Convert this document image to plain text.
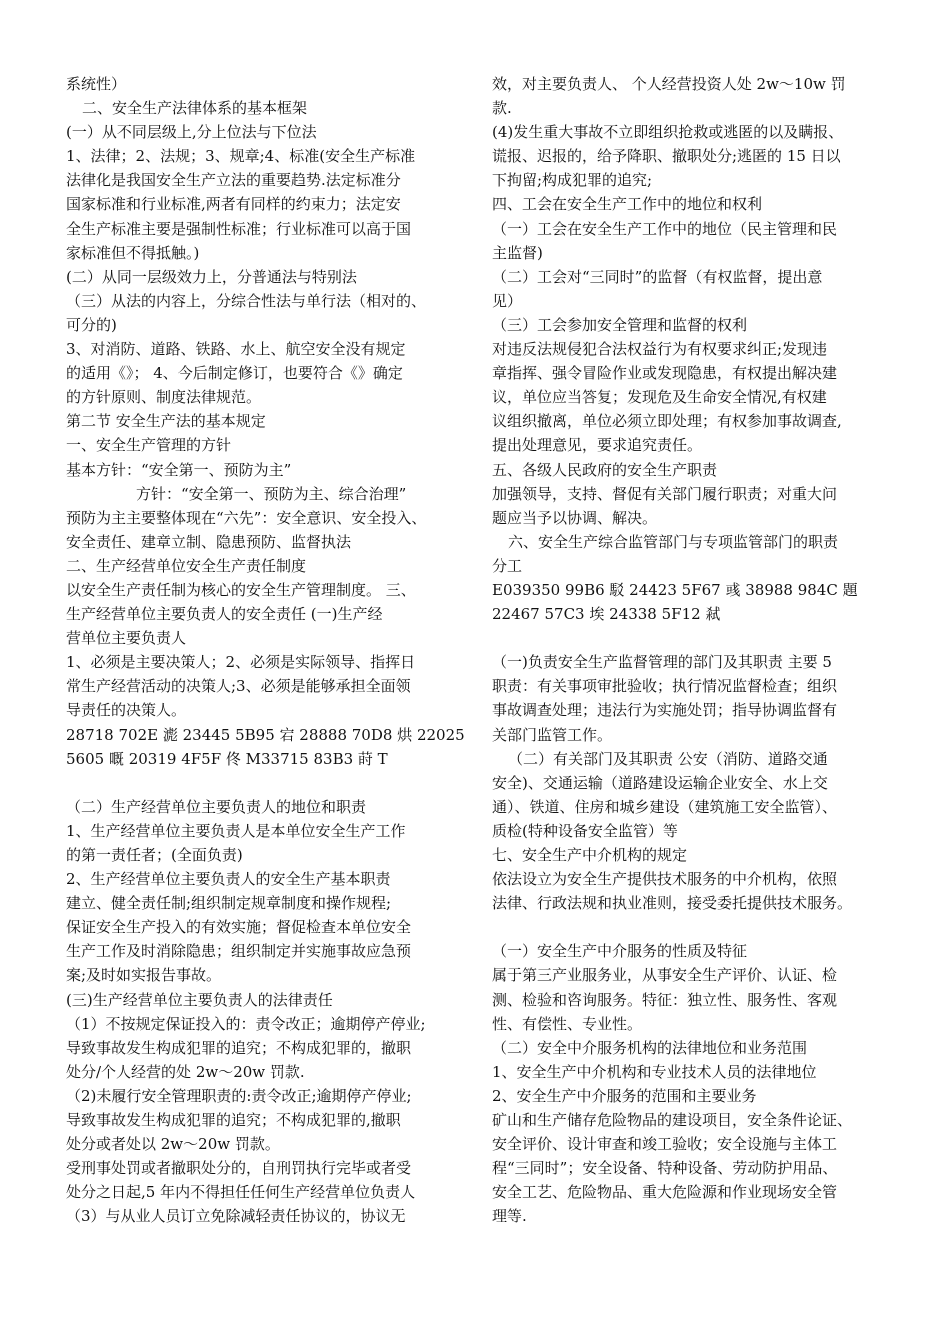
系统性）
二、安全生产法律体系的基本框架
(一）从不同层级上,分上位法与下位法
1、法律；2、法规；3、规章;4、标准(安全生产标准
法律化是我国安全生产立法的重要趋势.法定标准分
国家标准和行业标准,两者有同样的约束力；法定安
全生产标准主要是强制性标准；行业标准可以高于国
家标准但不得抵触。)
(二）从同一层级效力上，分普通法与特别法
（三）从法的内容上，分综合性法与单行法（相对的、
可分的)
3、对消防、道路、铁路、水上、航空安全没有规定
的适用《》； 4、今后制定修订，也要符合《》确定
的方针原则、制度法律规范。
第二节 安全生产法的基本规定
一、安全生产管理的方针
基本方针：“安全第一、预防为主”
方针：“安全第一、预防为主、综合治理”
预防为主主要整体现在“六先”：安全意识、安全投入、
安全责任、建章立制、隐患预防、监督执法
二、生产经营单位安全生产责任制度
以安全生产责任制为核心的安全生产管理制度。 三、
生产经营单位主要负责人的安全责任 (一)生产经
营单位主要负责人
1、必须是主要决策人；2、必须是实际领导、指挥日
常生产经营活动的决策人;3、必须是能够承担全面领
导责任的决策人。
28718 702E 滮 23445 5B95 宕 28888 70D8 烘 22025
5605 嘅 20319 4F5F 佟 M33715 83B3 莳 T
（二）生产经营单位主要负责人的地位和职责
1、生产经营单位主要负责人是本单位安全生产工作
的第一责任者；(全面负责)
2、生产经营单位主要负责人的安全生产基本职责
建立、健全责任制;组织制定规章制度和操作规程;
保证安全生产投入的有效实施；督促检查本单位安全
生产工作及时消除隐患；组织制定并实施事故应急预
案;及时如实报告事故。
(三)生产经营单位主要负责人的法律责任
（1）不按规定保证投入的：责令改正；逾期停产停业;
导致事故发生构成犯罪的追究；不构成犯罪的，撤职
处分/个人经营的处 2w～20w 罚款.
（2)未履行安全管理职责的:责令改正;逾期停产停业;
导致事故发生构成犯罪的追究；不构成犯罪的,撤职
处分或者处以 2w～20w 罚款。
受刑事处罚或者撤职处分的，自刑罚执行完毕或者受
处分之日起,5 年内不得担任任何生产经营单位负责人
（3）与从业人员订立免除减轻责任协议的，协议无
效，对主要负责人、 个人经营投资人处 2w～10w 罚
款.
(4)发生重大事故不立即组织抢救或逃匿的以及瞒报、
谎报、迟报的，给予降职、撤职处分;逃匿的 15 日以
下拘留;构成犯罪的追究;
四、工会在安全生产工作中的地位和权利
（一）工会在安全生产工作中的地位（民主管理和民
主监督)
（二）工会对“三同时”的监督（有权监督，提出意
见）
（三）工会参加安全管理和监督的权利
对违反法规侵犯合法权益行为有权要求纠正;发现违
章指挥、强令冒险作业或发现隐患，有权提出解决建
议，单位应当答复；发现危及生命安全情况,有权建
议组织撤离，单位必须立即处理；有权参加事故调查,
提出处理意见，要求追究责任。
五、各级人民政府的安全生产职责
加强领导，支持、督促有关部门履行职责；对重大问
题应当予以协调、解决。
六、安全生产综合监管部门与专项监管部门的职责
分工
E039350 99B6 駁 24423 5F67 彧 38988 984C 題
22467 57C3 埃 24338 5F12 弒
（一)负责安全生产监督管理的部门及其职责 主要 5
职责：有关事项审批验收；执行情况监督检查；组织
事故调查处理；违法行为实施处罚；指导协调监督有
关部门监管工作。
（二）有关部门及其职责 公安（消防、道路交通
安全)、交通运输（道路建设运输企业安全、水上交
通）、铁道、住房和城乡建设（建筑施工安全监管）、
质检(特种设备安全监管）等
七、安全生产中介机构的规定
依法设立为安全生产提供技术服务的中介机构，依照
法律、行政法规和执业准则，接受委托提供技术服务。
（一）安全生产中介服务的性质及特征
属于第三产业服务业，从事安全生产评价、认证、检
测、检验和咨询服务。特征：独立性、服务性、客观
性、有偿性、专业性。
（二）安全中介服务机构的法律地位和业务范围
1、安全生产中介机构和专业技术人员的法律地位
2、安全生产中介服务的范围和主要业务
矿山和生产储存危险物品的建设项目，安全条件论证、
安全评价、设计审查和竣工验收；安全设施与主体工
程“三同时”；安全设备、特种设备、劳动防护用品、
安全工艺、危险物品、重大危险源和作业现场安全管
理等.
